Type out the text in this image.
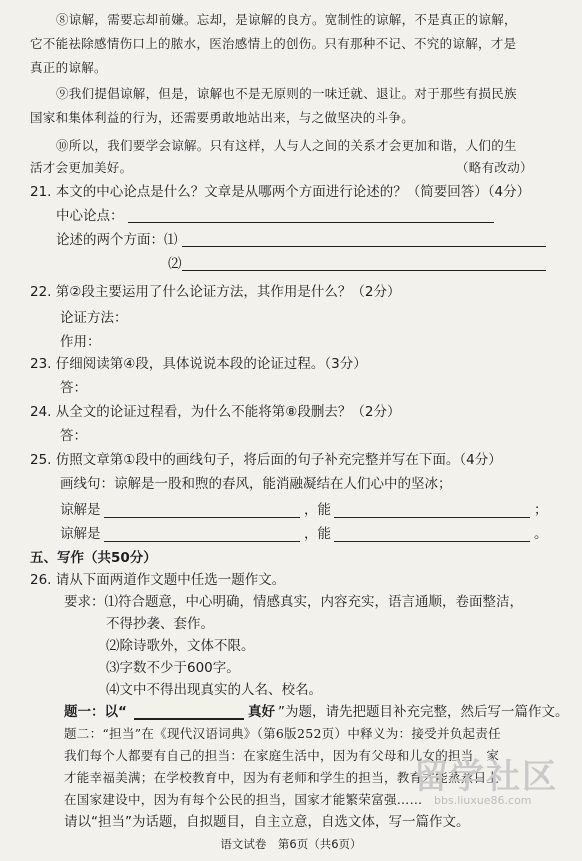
⑧谅解，需要忘却前嫌。忘却，是谅解的良方。宽制性的谅解，不是真正的谅解，
它不能祛除感情伤口上的脓水，医治感情上的创伤。只有那种不记、不究的谅解，才是
真正的谅解。
⑨我们提倡谅解，但是，谅解也不是无原则的一味迁就、退让。对于那些有损民族
国家和集体利益的行为，还需要勇敢地站出来，与之做坚决的斗争。
⑩所以，我们要学会谅解。只有这样，人与人之间的关系才会更加和谐，人们的生
活才会更加美好。	（略有改动）
21. 本文的中心论点是什么？文章是从哪两个方面进行论述的？（简要回答）（4分）
中心论点：
论述的两个方面：⑴
⑵
22. 第②段主要运用了什么论证方法，其作用是什么？（2分）
论证方法：
作用：
23. 仔细阅读第④段，具体说说本段的论证过程。（3分）
答：
24. 从全文的论证过程看，为什么不能将第⑧段删去？（2分）
答：
25. 仿照文章第①段中的画线句子，将后面的句子补充完整并写在下面。（4分）
画线句：谅解是一股和煦的春风，能消融凝结在人们心中的坚冰；
谅解是	，能	；
谅解是	，能	。
五、写作（共50分）
26. 请从下面两道作文题中任选一题作文。
要求：⑴符合题意，中心明确，情感真实，内容充实，语言通顺，卷面整洁，
不得抄袭、套作。
⑵除诗歌外，文体不限。
⑶字数不少于600字。
⑷文中不得出现真实的人名、校名。
题一：以“	真好 ”为题，请先把题目补充完整，然后写一篇作文。
题二：“担当”在《现代汉语词典》（第6版252页）中释义为：接受并负起责任
我们每个人都要有自己的担当：在家庭生活中，因为有父母和儿女的担当，家
才能幸福美满；在学校教育中，因为有老师和学生的担当，教育才能蒸蒸日上
在国家建设中，因为有每个公民的担当，国家才能繁荣富强……
请以“担当”为话题，自拟题目，自主立意，自选文体，写一篇作文。
留学社区
bbs.liuxue86.com
语文试卷　第6页（共6页）
